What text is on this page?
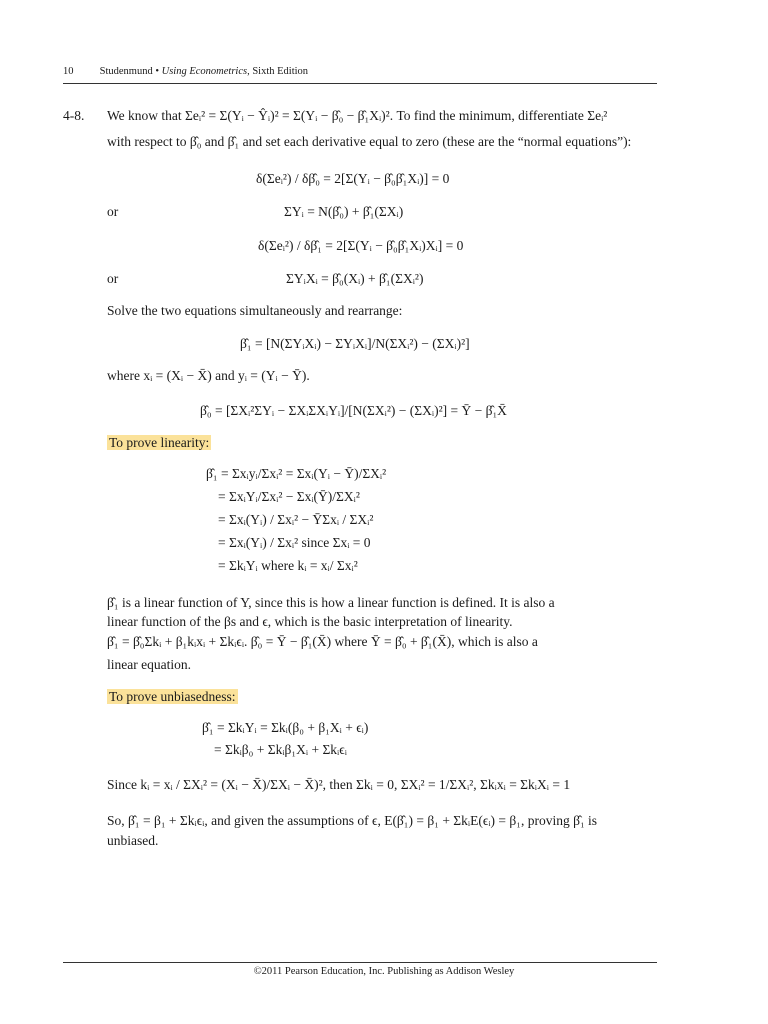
10 Studenmund • Using Econometrics, Sixth Edition
4-8. We know that Σeᵢ² = Σ(Yᵢ − Ŷᵢ)² = Σ(Yᵢ − β̂₀ − β̂₁Xᵢ)². To find the minimum, differentiate Σeᵢ²
with respect to β̂₀ and β̂₁ and set each derivative equal to zero (these are the “normal equations”):
δ(Σeᵢ²) / δβ̂₀ = 2[Σ(Yᵢ − β̂₀β̂₁Xᵢ)] = 0
or	ΣYᵢ = N(β̂₀) + β̂₁(ΣXᵢ)
δ(Σeᵢ²) / δβ̂₁ = 2[Σ(Yᵢ − β̂₀β̂₁Xᵢ)Xᵢ] = 0
or	ΣYᵢXᵢ = β̂₀(Xᵢ) + β̂₁(ΣXᵢ²)
Solve the two equations simultaneously and rearrange:
β̂₁ = [N(ΣYᵢXᵢ) − ΣYᵢXᵢ]/N(ΣXᵢ²) − (ΣXᵢ)²]
where xᵢ = (Xᵢ − X̄) and yᵢ = (Yᵢ − Ȳ).
β̂₀ = [ΣXᵢ²ΣYᵢ − ΣXᵢΣXᵢYᵢ]/[N(ΣXᵢ²) − (ΣXᵢ)²] = Ȳ − β̂₁X̄
To prove linearity:
β̂₁ = Σxᵢyᵢ/Σxᵢ² = Σxᵢ(Yᵢ − Ȳ)/ΣXᵢ²
= ΣxᵢYᵢ/Σxᵢ² − Σxᵢ(Ȳ)/ΣXᵢ²
= Σxᵢ(Yᵢ) / Σxᵢ² − ȲΣxᵢ / ΣXᵢ²
= Σxᵢ(Yᵢ) / Σxᵢ² since Σxᵢ = 0
= ΣkᵢYᵢ where kᵢ = xᵢ/ Σxᵢ²
β̂₁ is a linear function of Y, since this is how a linear function is defined. It is also a
linear function of the βs and ϵ, which is the basic interpretation of linearity.
β̂₁ = β̂₀Σkᵢ + β₁kᵢxᵢ + Σkᵢϵᵢ. β̂₀ = Ȳ − β̂₁(X̄) where Ȳ = β̂₀ + β̂₁(X̄), which is also a
linear equation.
To prove unbiasedness:
β̂₁ = ΣkᵢYᵢ = Σkᵢ(β₀ + β₁Xᵢ + ϵᵢ)
= Σkᵢβ₀ + Σkᵢβ₁Xᵢ + Σkᵢϵᵢ
Since kᵢ = xᵢ / ΣXᵢ² = (Xᵢ − X̄)/ΣXᵢ − X̄)², then Σkᵢ = 0, ΣXᵢ² = 1/ΣXᵢ², Σkᵢxᵢ = ΣkᵢXᵢ = 1
So, β̂₁ = β₁ + Σkᵢϵᵢ, and given the assumptions of ϵ, E(β̂₁) = β₁ + ΣkᵢE(ϵᵢ) = β₁, proving β̂₁ is
unbiased.
©2011 Pearson Education, Inc. Publishing as Addison Wesley
